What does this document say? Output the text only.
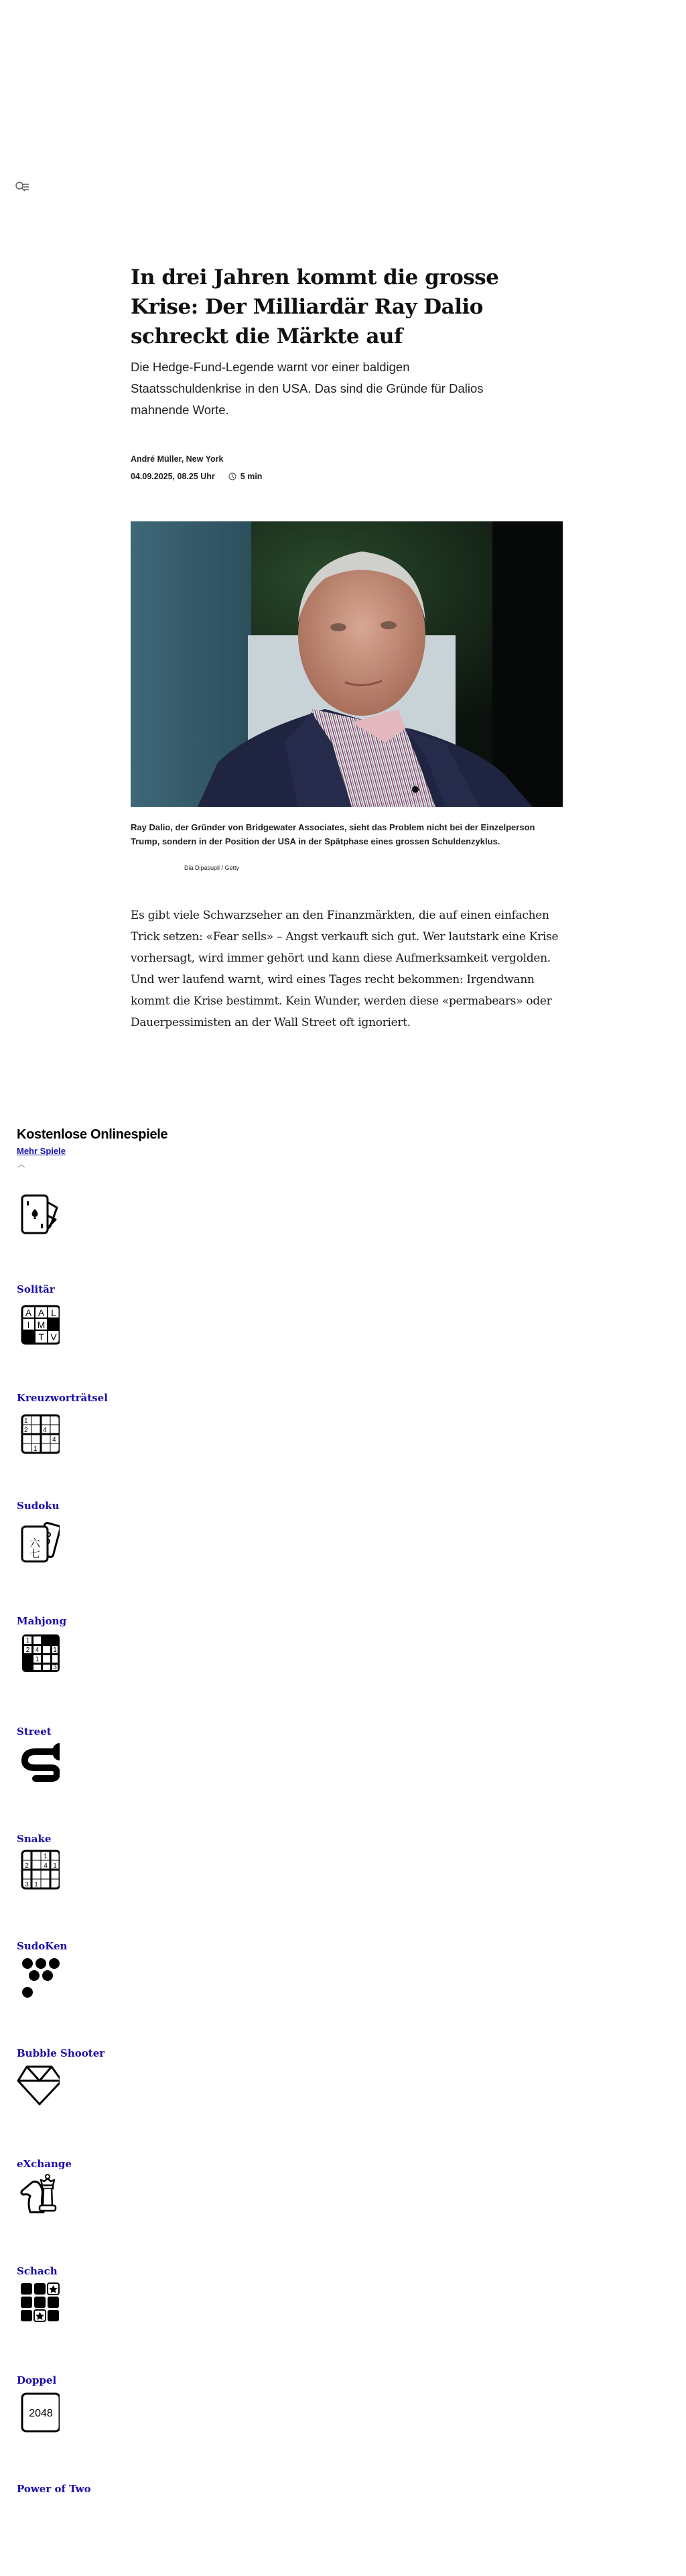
In drei Jahren kommt die grosse Krise: Der Milliardär Ray Dalio schreckt die Märkte auf

Die Hedge-Fund-Legende warnt vor einer baldigen Staatsschuldenkrise in den USA. Das sind die Gründe für Dalios mahnende Worte.

André Müller, New York
04.09.2025, 08.25 Uhr	5 min

Ray Dalio, der Gründer von Bridgewater Associates, sieht das Problem nicht bei der Einzelperson Trump, sondern in der Position der USA in der Spätphase eines grossen Schuldenzyklus.

Dia Dipasupil / Getty

Es gibt viele Schwarzseher an den Finanzmärkten, die auf einen einfachen Trick setzen: «Fear sells» – Angst verkauft sich gut. Wer lautstark eine Krise vorhersagt, wird immer gehört und kann diese Aufmerksamkeit vergolden. Und wer laufend warnt, wird eines Tages recht bekommen: Irgendwann kommt die Krise bestimmt. Kein Wunder, werden diese «permabears» oder Dauerpessimisten an der Wall Street oft ignoriert.

Kostenlose Onlinespiele
Mehr Spiele
Solitär
A A L
I M
T V
Kreuzworträtsel
1
2 4
4
1
Sudoku
六
七
Mahjong
1
2 4 1
1
3
Street
Snake
1
2 4 1
3 1
SudoKen
Bubble Shooter
eXchange
Schach
Doppel
2048
Power of Two
